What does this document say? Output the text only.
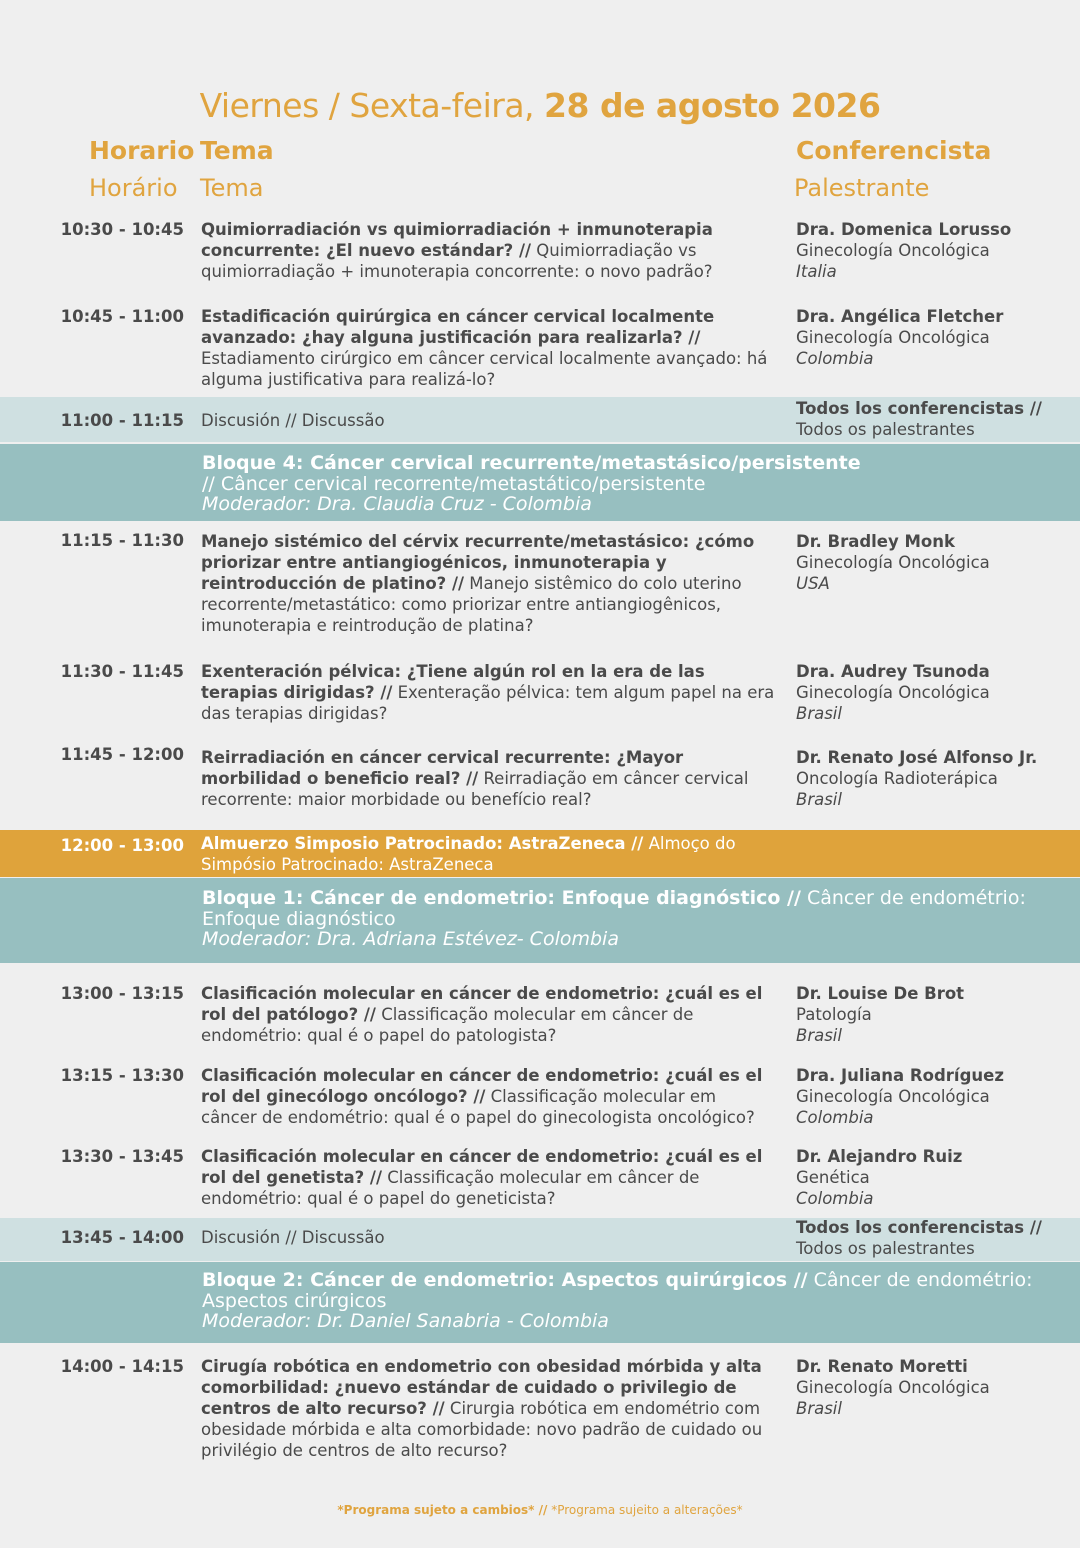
Viernes / Sexta-feira, 28 de agosto 2026
Horario Tema	Conferencista
Horário Tema	Palestrante
10:30 - 10:45 Quimiorradiación vs quimiorradiación + inmunoterapia concurrente: ¿El nuevo estándar? // Quimiorradiação vs quimiorradiação + imunoterapia concorrente: o novo padrão?
Dra. Domenica Lorusso
Ginecología Oncológica
Italia
10:45 - 11:00 Estadificación quirúrgica en cáncer cervical localmente avanzado: ¿hay alguna justificación para realizarla? // Estadiamento cirúrgico em câncer cervical localmente avançado: há alguma justificativa para realizá-lo?
Dra. Angélica Fletcher
Ginecología Oncológica
Colombia
11:00 - 11:15 Discusión // Discussão
Todos los conferencistas //
Todos os palestrantes
Bloque 4: Cáncer cervical recurrente/metastásico/persistente
// Câncer cervical recorrente/metastático/persistente
Moderador: Dra. Claudia Cruz - Colombia
11:15 - 11:30 Manejo sistémico del cérvix recurrente/metastásico: ¿cómo priorizar entre antiangiogénicos, inmunoterapia y reintroducción de platino? // Manejo sistêmico do colo uterino recorrente/metastático: como priorizar entre antiangiogênicos, imunoterapia e reintrodução de platina?
Dr. Bradley Monk
Ginecología Oncológica
USA
11:30 - 11:45 Exenteración pélvica: ¿Tiene algún rol en la era de las terapias dirigidas? // Exenteração pélvica: tem algum papel na era das terapias dirigidas?
Dra. Audrey Tsunoda
Ginecología Oncológica
Brasil
11:45 - 12:00 Reirradiación en cáncer cervical recurrente: ¿Mayor morbilidad o beneficio real? // Reirradiação em câncer cervical recorrente: maior morbidade ou benefício real?
Dr. Renato José Alfonso Jr.
Oncología Radioterápica
Brasil
12:00 - 13:00 Almuerzo Simposio Patrocinado: AstraZeneca // Almoço do Simpósio Patrocinado: AstraZeneca
Bloque 1: Cáncer de endometrio: Enfoque diagnóstico // Câncer de endométrio: Enfoque diagnóstico
Moderador: Dra. Adriana Estévez- Colombia
13:00 - 13:15 Clasificación molecular en cáncer de endometrio: ¿cuál es el rol del patólogo? // Classificação molecular em câncer de endométrio: qual é o papel do patologista?
Dr. Louise De Brot
Patología
Brasil
13:15 - 13:30 Clasificación molecular en cáncer de endometrio: ¿cuál es el rol del ginecólogo oncólogo? // Classificação molecular em câncer de endométrio: qual é o papel do ginecologista oncológico?
Dra. Juliana Rodríguez
Ginecología Oncológica
Colombia
13:30 - 13:45 Clasificación molecular en cáncer de endometrio: ¿cuál es el rol del genetista? // Classificação molecular em câncer de endométrio: qual é o papel do geneticista?
Dr. Alejandro Ruiz
Genética
Colombia
13:45 - 14:00 Discusión // Discussão
Todos los conferencistas //
Todos os palestrantes
Bloque 2: Cáncer de endometrio: Aspectos quirúrgicos // Câncer de endométrio: Aspectos cirúrgicos
Moderador: Dr. Daniel Sanabria - Colombia
14:00 - 14:15 Cirugía robótica en endometrio con obesidad mórbida y alta comorbilidad: ¿nuevo estándar de cuidado o privilegio de centros de alto recurso? // Cirurgia robótica em endométrio com obesidade mórbida e alta comorbidade: novo padrão de cuidado ou privilégio de centros de alto recurso?
Dr. Renato Moretti
Ginecología Oncológica
Brasil
*Programa sujeto a cambios* // *Programa sujeito a alterações*
